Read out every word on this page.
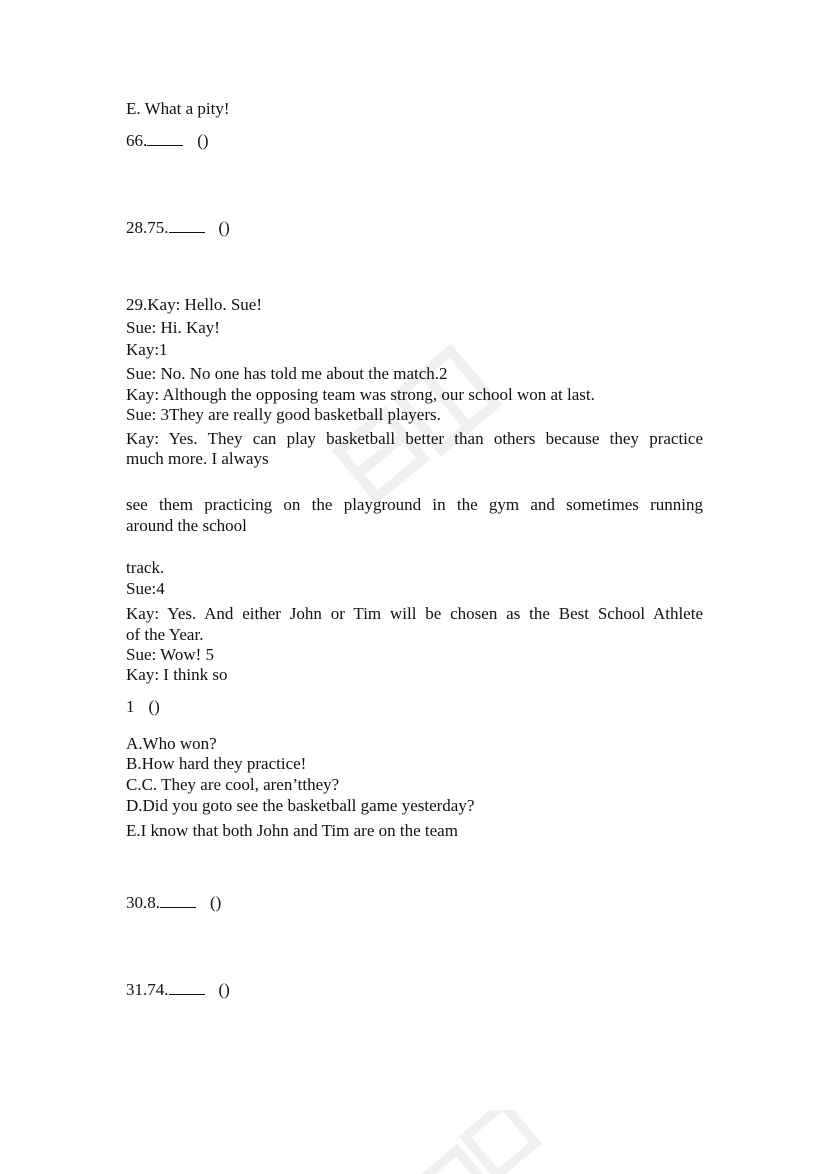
E. What a pity!
66.	()
28.75.	()
29.Kay: Hello. Sue!
Sue: Hi. Kay!
Kay:1
Sue: No. No one has told me about the match.2
Kay: Although the opposing team was strong, our school won at last.
Sue: 3They are really good basketball players.
Kay: Yes. They can play basketball better than others because they practice
much more. I always
see them practicing on the playground in the gym and sometimes running
around the school
track.
Sue:4
Kay: Yes. And either John or Tim will be chosen as the Best School Athlete
of the Year.
Sue: Wow! 5
Kay: I think so
1 ()
A.Who won?
B.How hard they practice!
C.C. They are cool, aren’tthey?
D.Did you goto see the basketball game yesterday?
E.I know that both John and Tim are on the team
30.8.	()
31.74.	()
